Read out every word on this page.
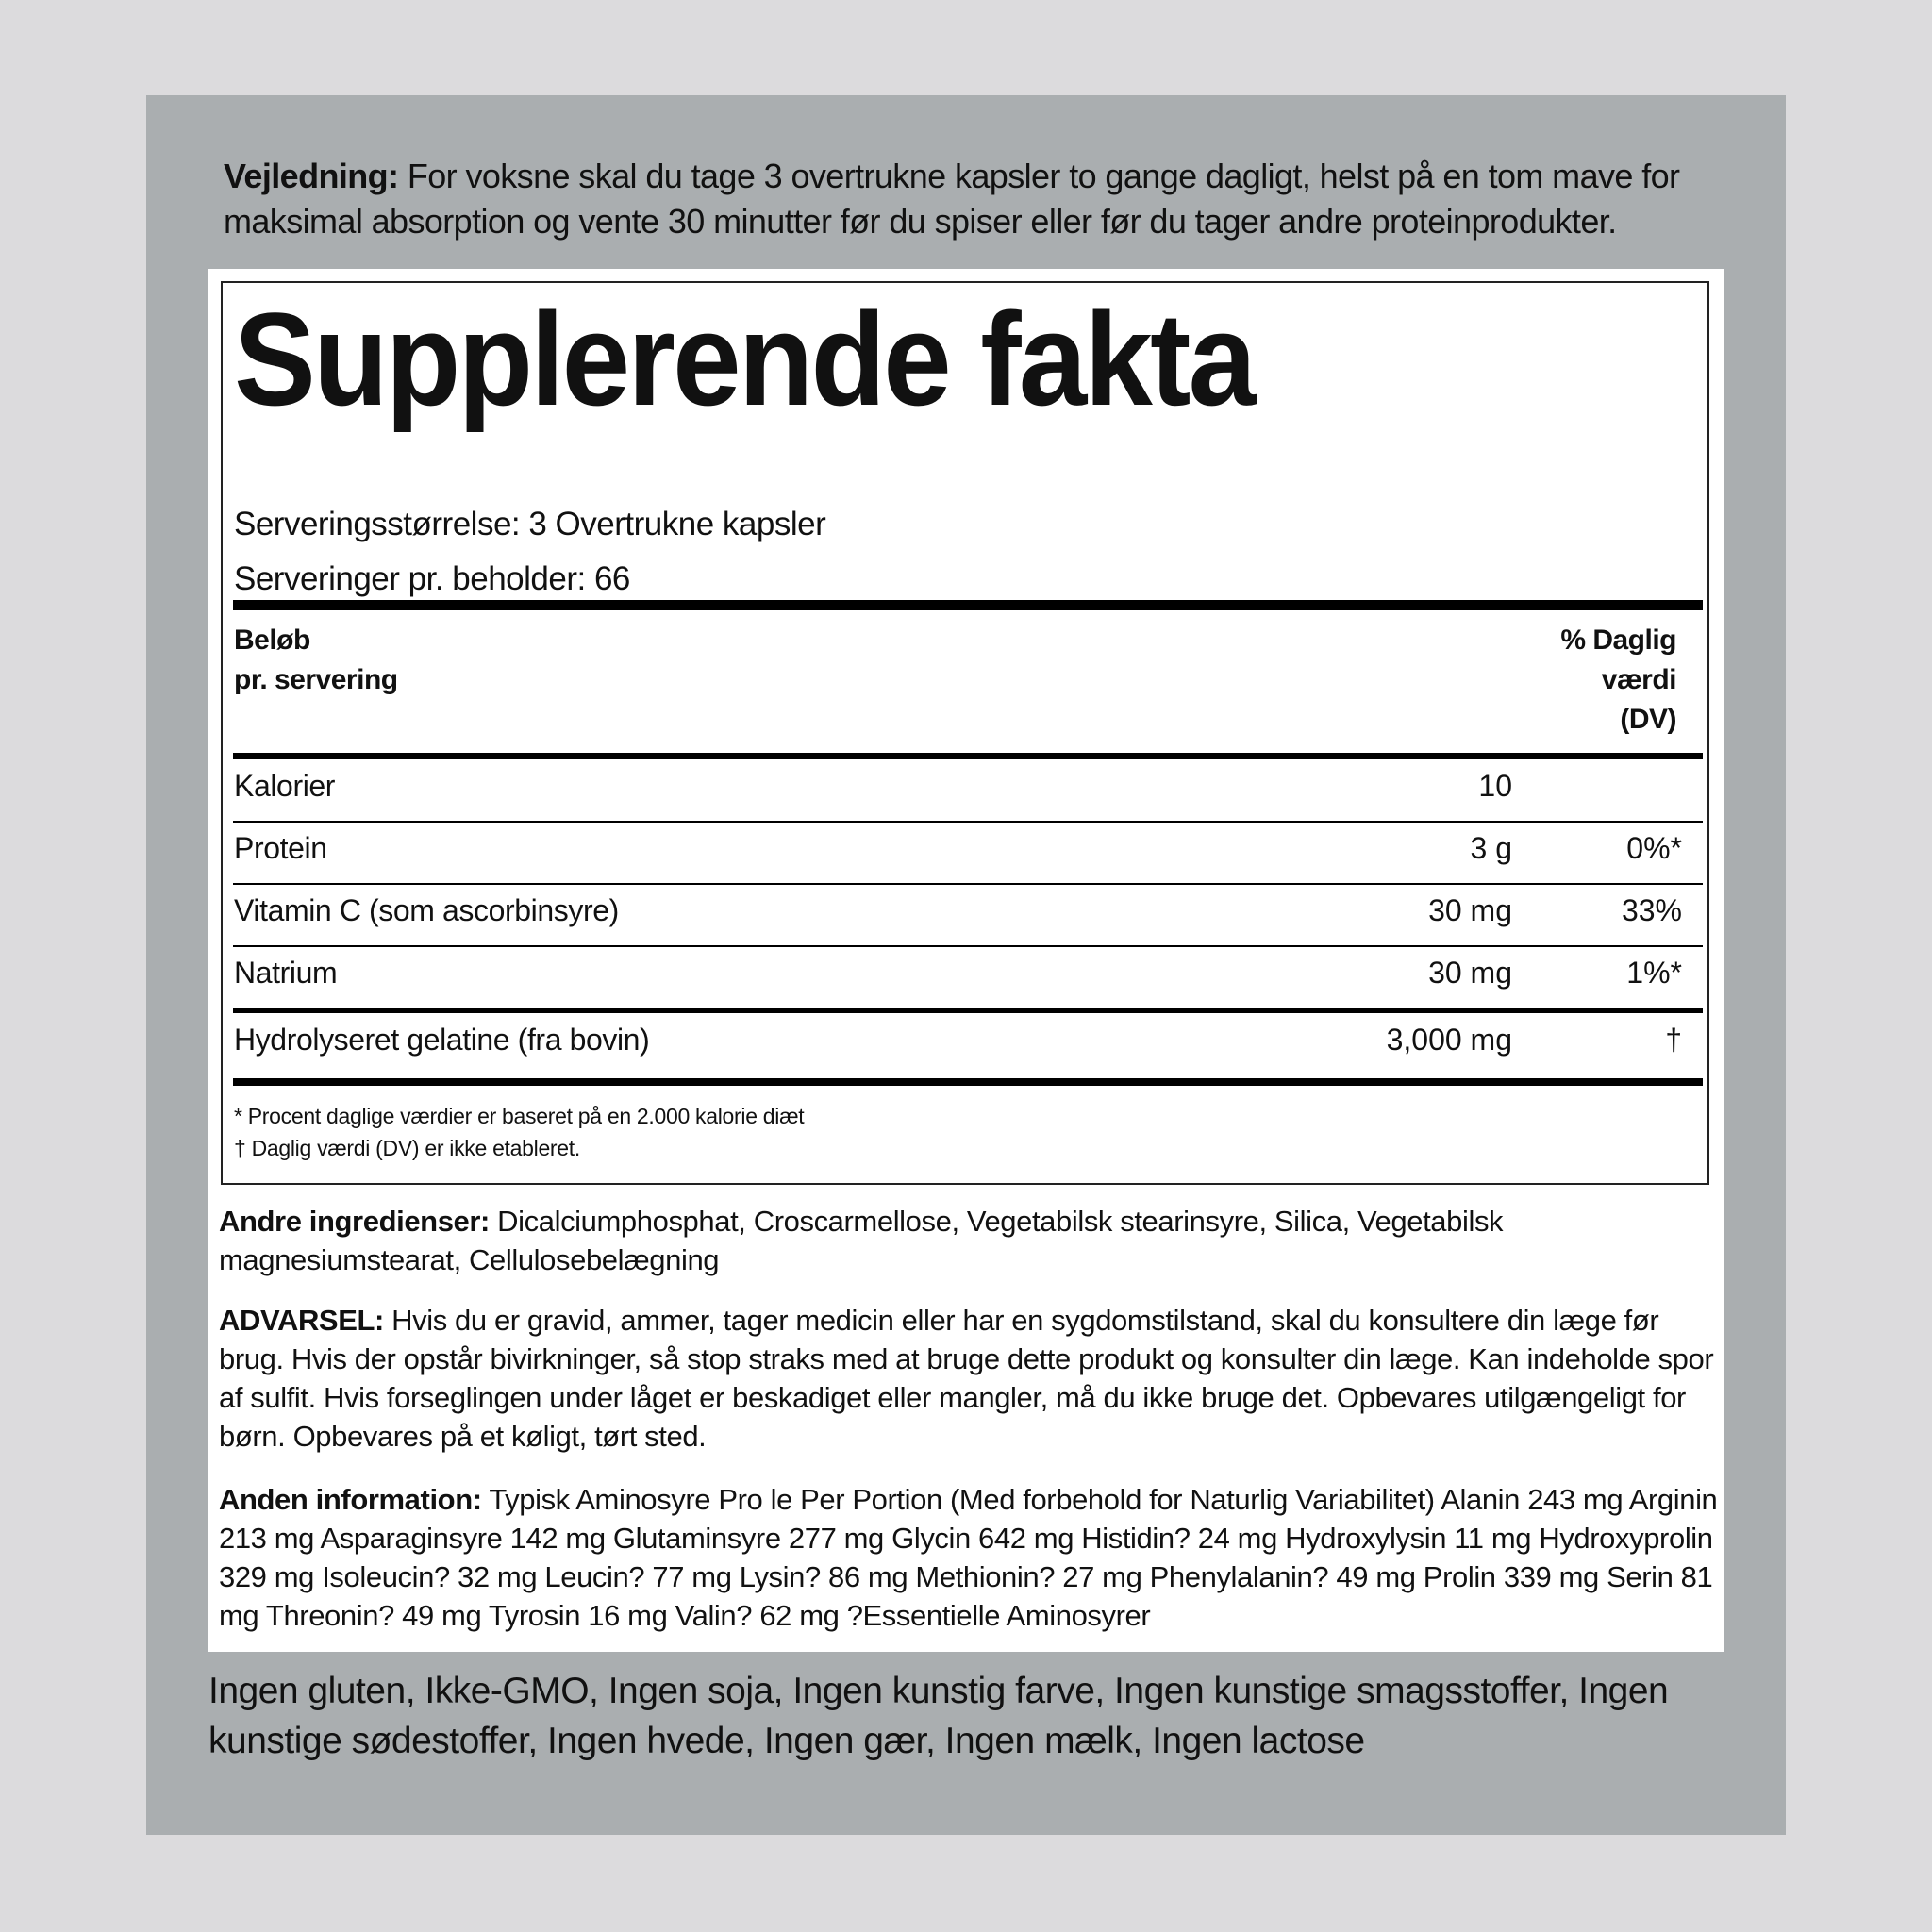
Vejledning: For voksne skal du tage 3 overtrukne kapsler to gange dagligt, helst på en tom mave for maksimal absorption og vente 30 minutter før du spiser eller før du tager andre proteinprodukter.
Supplerende fakta
Serveringsstørrelse: 3 Overtrukne kapsler
Serveringer pr. beholder: 66
Beløb
pr. servering
% Daglig
værdi
(DV)
Kalorier	10
Protein	3 g	0%*
Vitamin C (som ascorbinsyre)	30 mg	33%
Natrium	30 mg	1%*
Hydrolyseret gelatine (fra bovin)	3,000 mg	†
* Procent daglige værdier er baseret på en 2.000 kalorie diæt
† Daglig værdi (DV) er ikke etableret.
Andre ingredienser: Dicalciumphosphat, Croscarmellose, Vegetabilsk stearinsyre, Silica, Vegetabilsk magnesiumstearat, Cellulosebelægning
ADVARSEL: Hvis du er gravid, ammer, tager medicin eller har en sygdomstilstand, skal du konsultere din læge før brug. Hvis der opstår bivirkninger, så stop straks med at bruge dette produkt og konsulter din læge. Kan indeholde spor af sulfit. Hvis forseglingen under låget er beskadiget eller mangler, må du ikke bruge det. Opbevares utilgængeligt for børn. Opbevares på et køligt, tørt sted.
Anden information: Typisk Aminosyre Pro le Per Portion (Med forbehold for Naturlig Variabilitet) Alanin 243 mg Arginin 213 mg Asparaginsyre 142 mg Glutaminsyre 277 mg Glycin 642 mg Histidin? 24 mg Hydroxylysin 11 mg Hydroxyprolin 329 mg Isoleucin? 32 mg Leucin? 77 mg Lysin? 86 mg Methionin? 27 mg Phenylalanin? 49 mg Prolin 339 mg Serin 81 mg Threonin? 49 mg Tyrosin 16 mg Valin? 62 mg ?Essentielle Aminosyrer
Ingen gluten, Ikke-GMO, Ingen soja, Ingen kunstig farve, Ingen kunstige smagsstoffer, Ingen kunstige sødestoffer, Ingen hvede, Ingen gær, Ingen mælk, Ingen lactose
